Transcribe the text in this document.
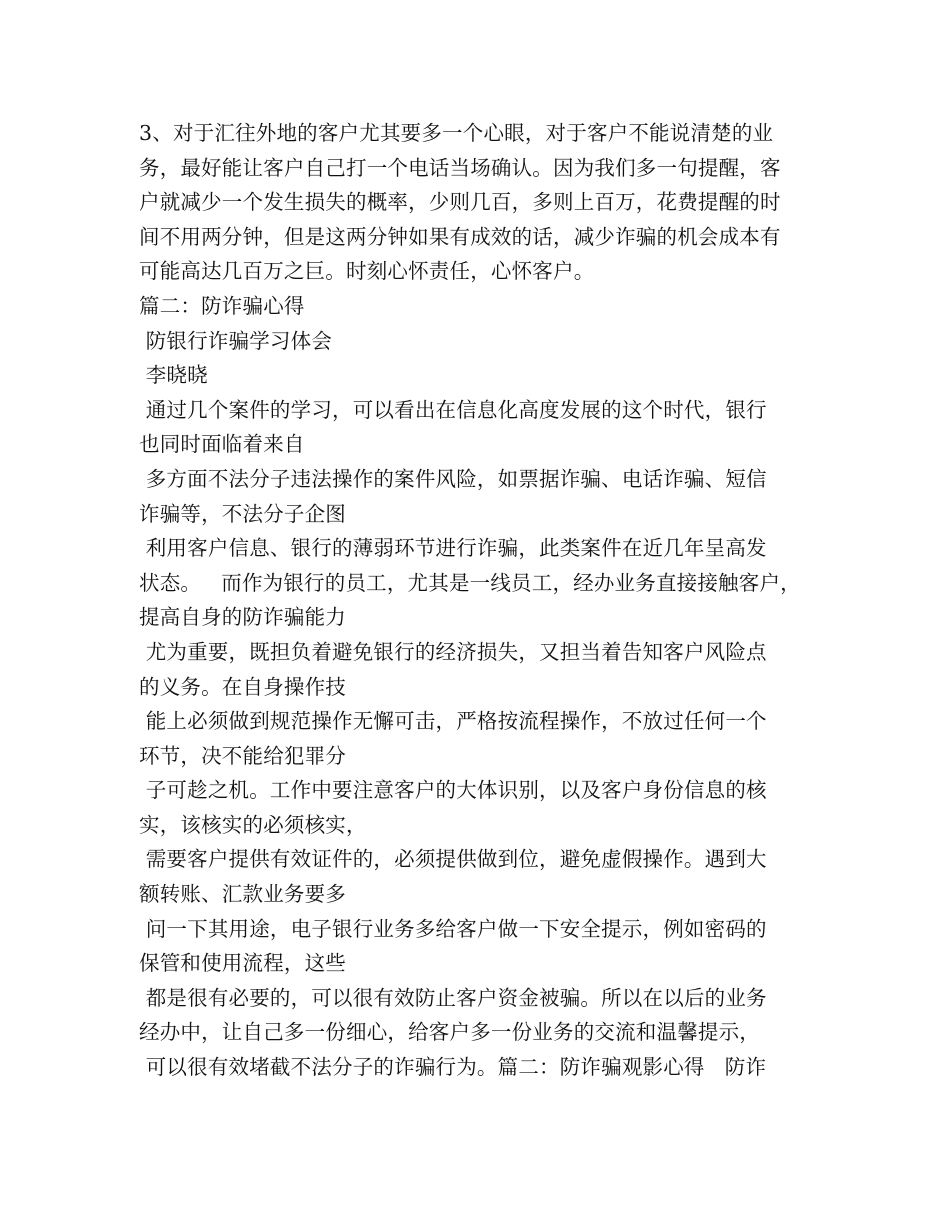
3、对于汇往外地的客户尤其要多一个心眼，对于客户不能说清楚的业
务，最好能让客户自己打一个电话当场确认。因为我们多一句提醒，客
户就减少一个发生损失的概率，少则几百，多则上百万，花费提醒的时
间不用两分钟，但是这两分钟如果有成效的话，减少诈骗的机会成本有
可能高达几百万之巨。时刻心怀责任，心怀客户。
篇二：防诈骗心得
防银行诈骗学习体会
李晓晓
通过几个案件的学习，可以看出在信息化高度发展的这个时代，银行
也同时面临着来自
多方面不法分子违法操作的案件风险，如票据诈骗、电话诈骗、短信
诈骗等，不法分子企图
利用客户信息、银行的薄弱环节进行诈骗，此类案件在近几年呈高发
状态。   而作为银行的员工，尤其是一线员工，经办业务直接接触客户，
提高自身的防诈骗能力
尤为重要，既担负着避免银行的经济损失，又担当着告知客户风险点
的义务。在自身操作技
能上必须做到规范操作无懈可击，严格按流程操作，不放过任何一个
环节，决不能给犯罪分
子可趁之机。工作中要注意客户的大体识别，以及客户身份信息的核
实，该核实的必须核实，
需要客户提供有效证件的，必须提供做到位，避免虚假操作。遇到大
额转账、汇款业务要多
问一下其用途，电子银行业务多给客户做一下安全提示，例如密码的
保管和使用流程，这些
都是很有必要的，可以很有效防止客户资金被骗。所以在以后的业务
经办中，让自己多一份细心，给客户多一份业务的交流和温馨提示，
可以很有效堵截不法分子的诈骗行为。篇二：防诈骗观影心得   防诈
